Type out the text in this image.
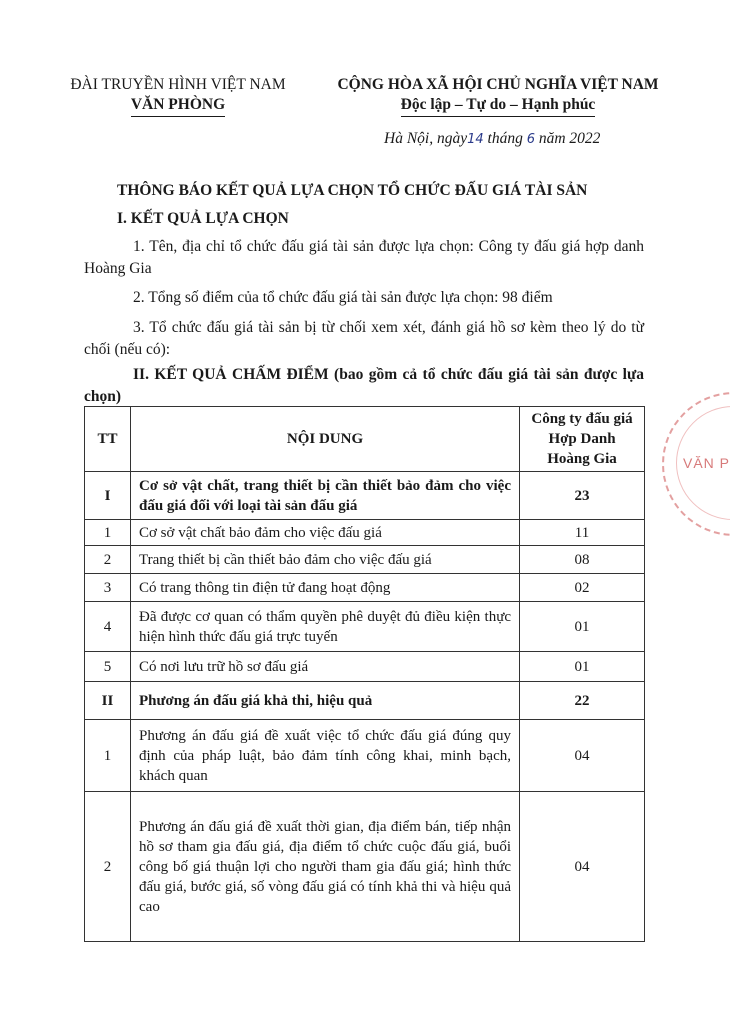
ĐÀI TRUYỀN HÌNH VIỆT NAM
VĂN PHÒNG
CỘNG HÒA XÃ HỘI CHỦ NGHĨA VIỆT NAM
Độc lập – Tự do – Hạnh phúc
Hà Nội, ngày14 tháng 6 năm 2022
THÔNG BÁO KẾT QUẢ LỰA CHỌN TỔ CHỨC ĐẤU GIÁ TÀI SẢN
I. KẾT QUẢ LỰA CHỌN
1. Tên, địa chỉ tổ chức đấu giá tài sản được lựa chọn: Công ty đấu giá hợp danh Hoàng Gia
2. Tổng số điểm của tổ chức đấu giá tài sản được lựa chọn: 98 điểm
3. Tổ chức đấu giá tài sản bị từ chối xem xét, đánh giá hồ sơ kèm theo lý do từ chối (nếu có):
II. KẾT QUẢ CHẤM ĐIỂM (bao gồm cả tổ chức đấu giá tài sản được lựa chọn)
TT	NỘI DUNG	Công ty đấu giá Hợp Danh Hoàng Gia
I	Cơ sở vật chất, trang thiết bị cần thiết bảo đảm cho việc đấu giá đối với loại tài sản đấu giá	23
1	Cơ sở vật chất bảo đảm cho việc đấu giá	11
2	Trang thiết bị cần thiết bảo đảm cho việc đấu giá	08
3	Có trang thông tin điện tử đang hoạt động	02
4	Đã được cơ quan có thẩm quyền phê duyệt đủ điều kiện thực hiện hình thức đấu giá trực tuyến	01
5	Có nơi lưu trữ hồ sơ đấu giá	01
II	Phương án đấu giá khả thi, hiệu quả	22
1	Phương án đấu giá đề xuất việc tổ chức đấu giá đúng quy định của pháp luật, bảo đảm tính công khai, minh bạch, khách quan	04
2	Phương án đấu giá đề xuất thời gian, địa điểm bán, tiếp nhận hồ sơ tham gia đấu giá, địa điểm tổ chức cuộc đấu giá, buổi công bố giá thuận lợi cho người tham gia đấu giá; hình thức đấu giá, bước giá, số vòng đấu giá có tính khả thi và hiệu quả cao	04
VĂN P
